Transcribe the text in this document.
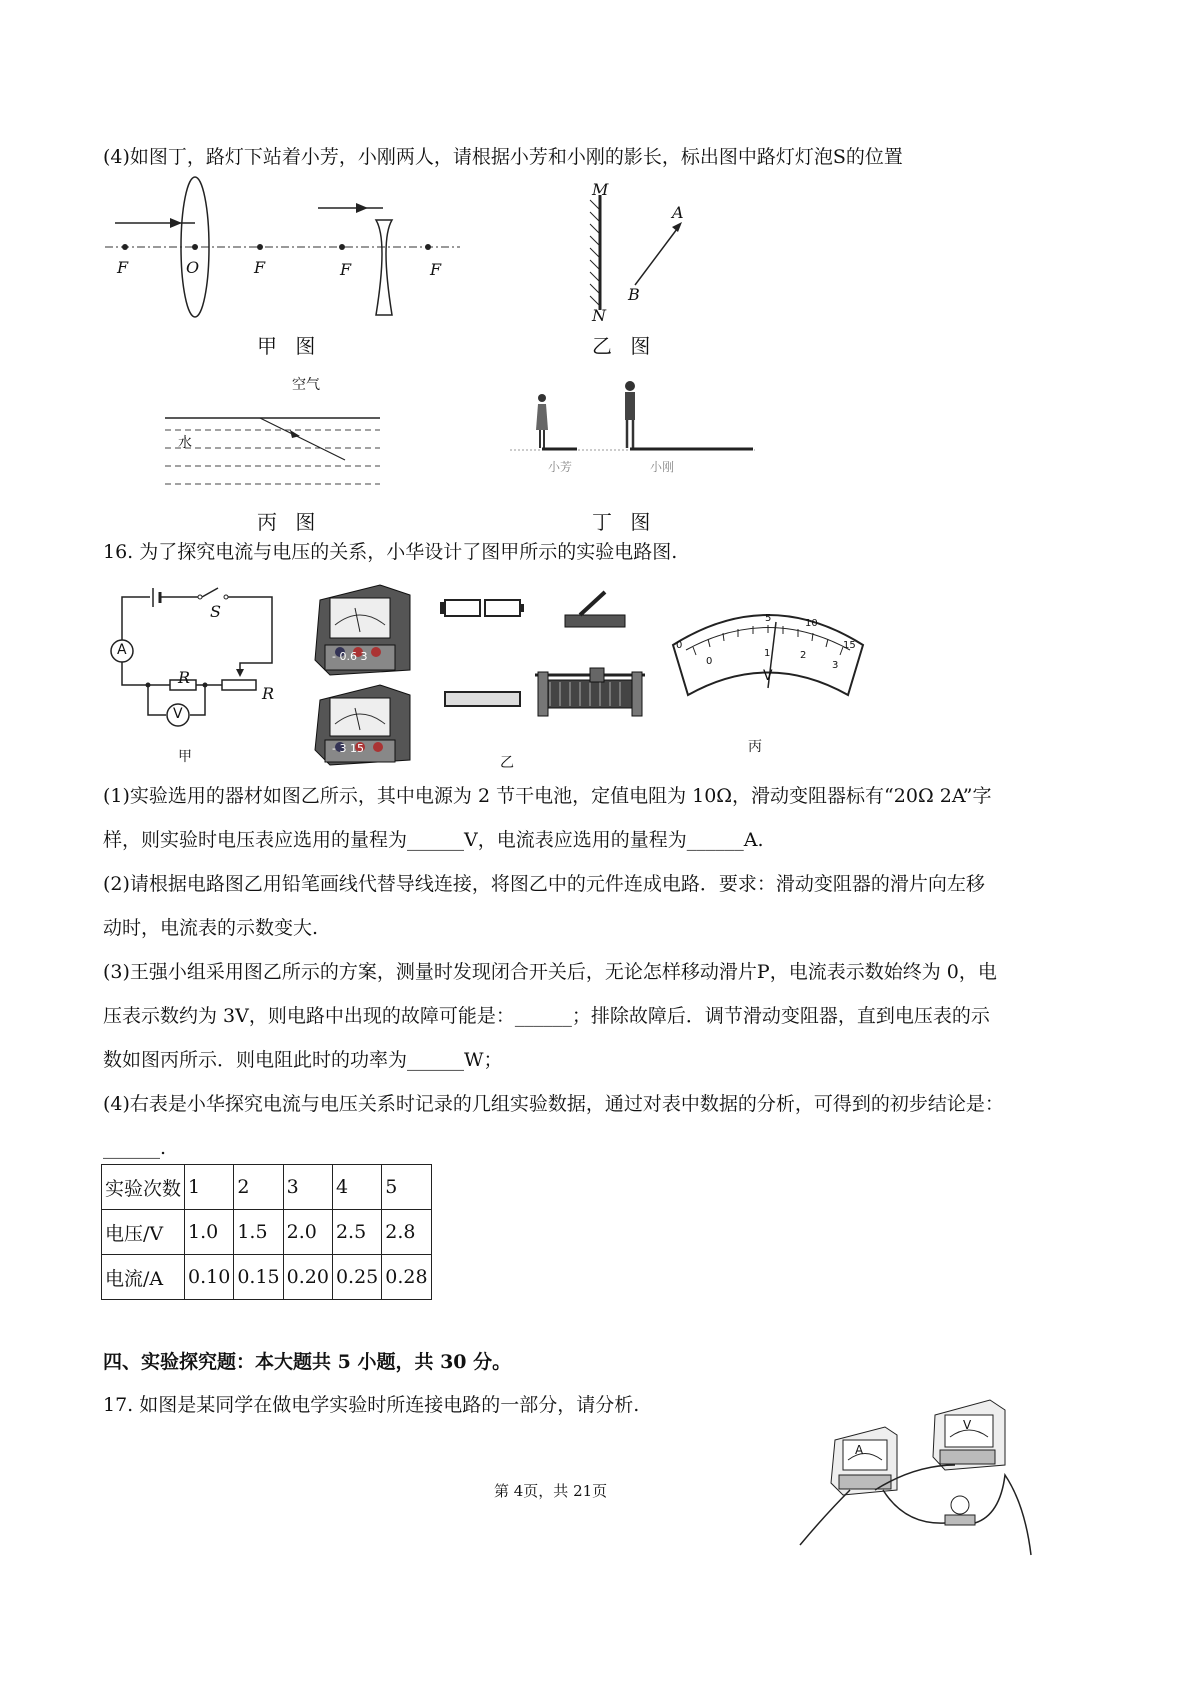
(4)如图丁，路灯下站着小芳，小刚两人，请根据小芳和小刚的影长，标出图中路灯灯泡S的位置
F	O	F	F	F
甲 图
M
N
A
B
乙 图
空气
水
丙 图
小芳	小刚
丁 图
16. 为了探究电流与电压的关系，小华设计了图甲所示的实验电路图.
S
A
R
R
V
甲
- 0.6 3
- 3 15
乙
0
5	10
15
0
1	2
3
V
丙
(1)实验选用的器材如图乙所示，其中电源为 2 节干电池，定值电阻为 10Ω，滑动变阻器标有“20Ω 2A”字
样，则实验时电压表应选用的量程为______V，电流表应选用的量程为______A.
(2)请根据电路图乙用铅笔画线代替导线连接，将图乙中的元件连成电路．要求：滑动变阻器的滑片向左移
动时，电流表的示数变大.
(3)王强小组采用图乙所示的方案，测量时发现闭合开关后，无论怎样移动滑片P，电流表示数始终为 0，电
压表示数约为 3V，则电路中出现的故障可能是：______；排除故障后．调节滑动变阻器，直到电压表的示
数如图丙所示．则电阻此时的功率为______W；
(4)右表是小华探究电流与电压关系时记录的几组实验数据，通过对表中数据的分析，可得到的初步结论是：
______.
实验次数	1	2	3	4	5
电压/V	1.0	1.5	2.0	2.5	2.8
电流/A	0.10	0.15	0.20	0.25	0.28
四、实验探究题：本大题共 5 小题，共 30 分。
17. 如图是某同学在做电学实验时所连接电路的一部分，请分析.
A
V
第 4页，共 21页
